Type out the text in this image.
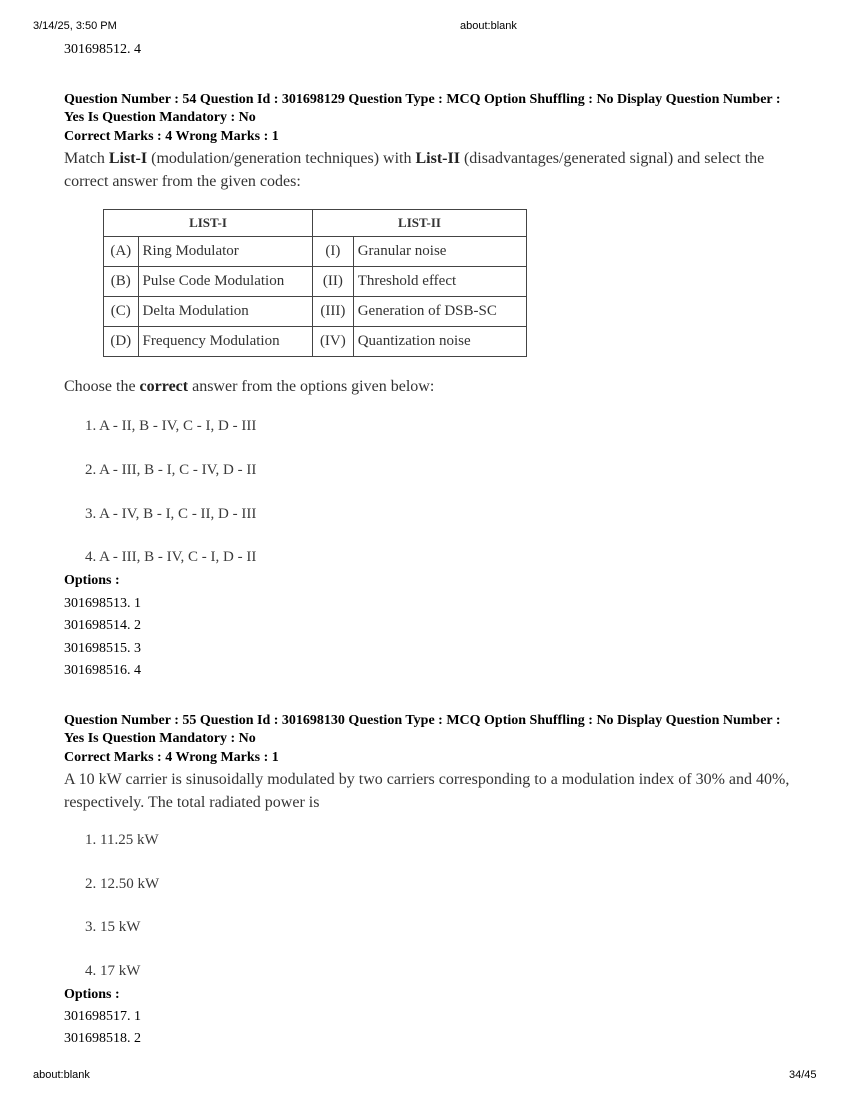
3/14/25, 3:50 PM	about:blank
301698512. 4
Question Number : 54 Question Id : 301698129 Question Type : MCQ Option Shuffling : No Display Question Number : Yes Is Question Mandatory : No
Correct Marks : 4 Wrong Marks : 1
Match List-I (modulation/generation techniques) with List-II (disadvantages/generated signal) and select the correct answer from the given codes:
LIST-I		LIST-II	
(A)	Ring Modulator	(I)	Granular noise
(B)	Pulse Code Modulation	(II)	Threshold effect
(C)	Delta Modulation	(III)	Generation of DSB-SC
(D)	Frequency Modulation	(IV)	Quantization noise
Choose the correct answer from the options given below:
1. A - II, B - IV, C - I, D - III
2. A - III, B - I, C - IV, D - II
3. A - IV, B - I, C - II, D - III
4. A - III, B - IV, C - I, D - II
Options :
301698513. 1
301698514. 2
301698515. 3
301698516. 4
Question Number : 55 Question Id : 301698130 Question Type : MCQ Option Shuffling : No Display Question Number : Yes Is Question Mandatory : No
Correct Marks : 4 Wrong Marks : 1
A 10 kW carrier is sinusoidally modulated by two carriers corresponding to a modulation index of 30% and 40%, respectively. The total radiated power is
1. 11.25 kW
2. 12.50 kW
3. 15 kW
4. 17 kW
Options :
301698517. 1
301698518. 2
about:blank	34/45
